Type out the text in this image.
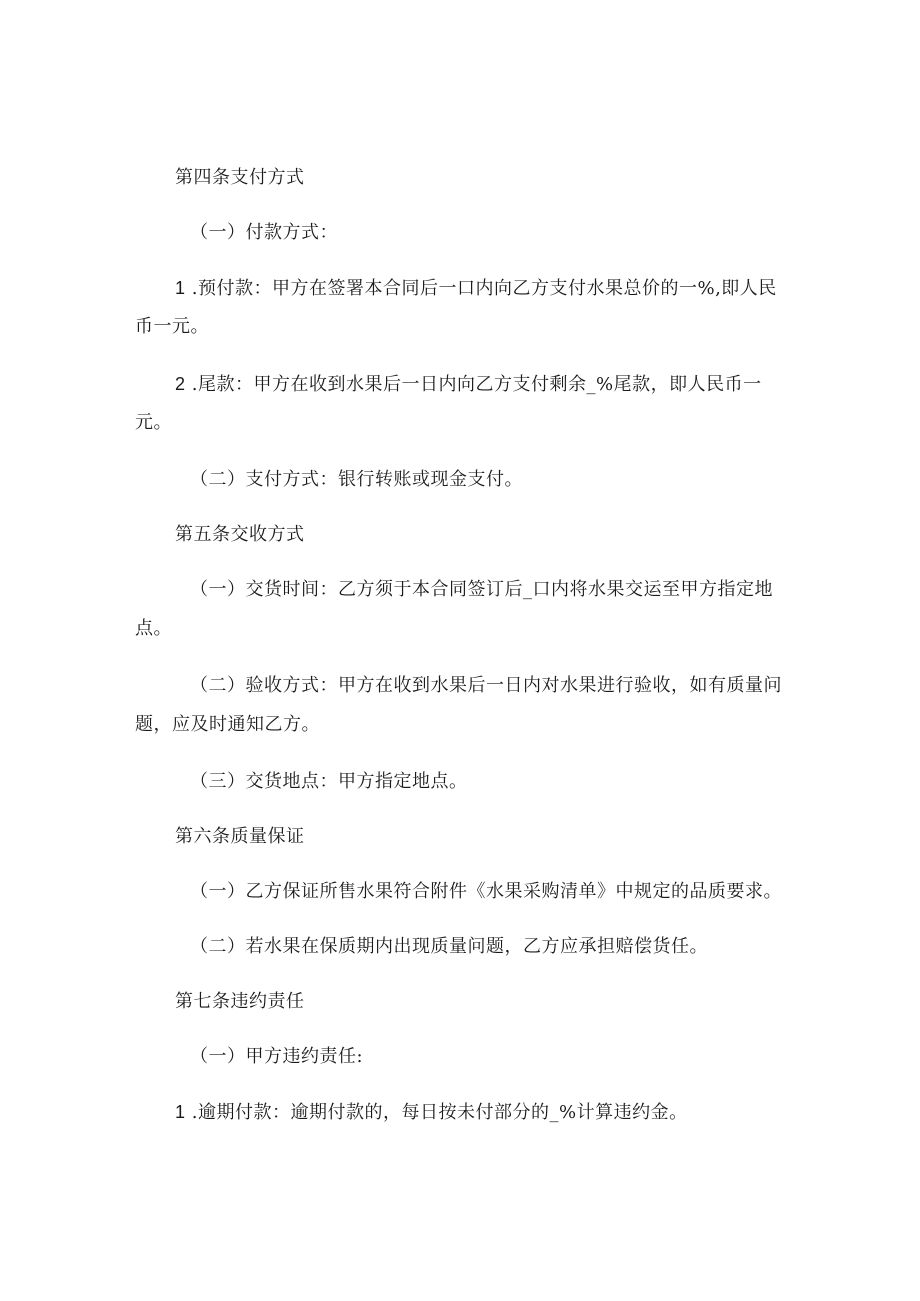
第四条支付方式
（一）付款方式：
1 .预付款：甲方在签署本合同后一口内向乙方支付水果总价的一%,即人民
币一元。
2 .尾款：甲方在收到水果后一日内向乙方支付剩余_%尾款，即人民币一
元。
（二）支付方式：银行转账或现金支付。
第五条交收方式
（一）交货时间：乙方须于本合同签订后_口内将水果交运至甲方指定地
点。
（二）验收方式：甲方在收到水果后一日内对水果进行验收，如有质量问
题，应及时通知乙方。
（三）交货地点：甲方指定地点。
第六条质量保证
（一）乙方保证所售水果符合附件《水果采购清单》中规定的品质要求。
（二）若水果在保质期内出现质量问题，乙方应承担赔偿货任。
第七条违约责任
（一）甲方违约责任:
1 .逾期付款：逾期付款的，每日按未付部分的_%计算违约金。
